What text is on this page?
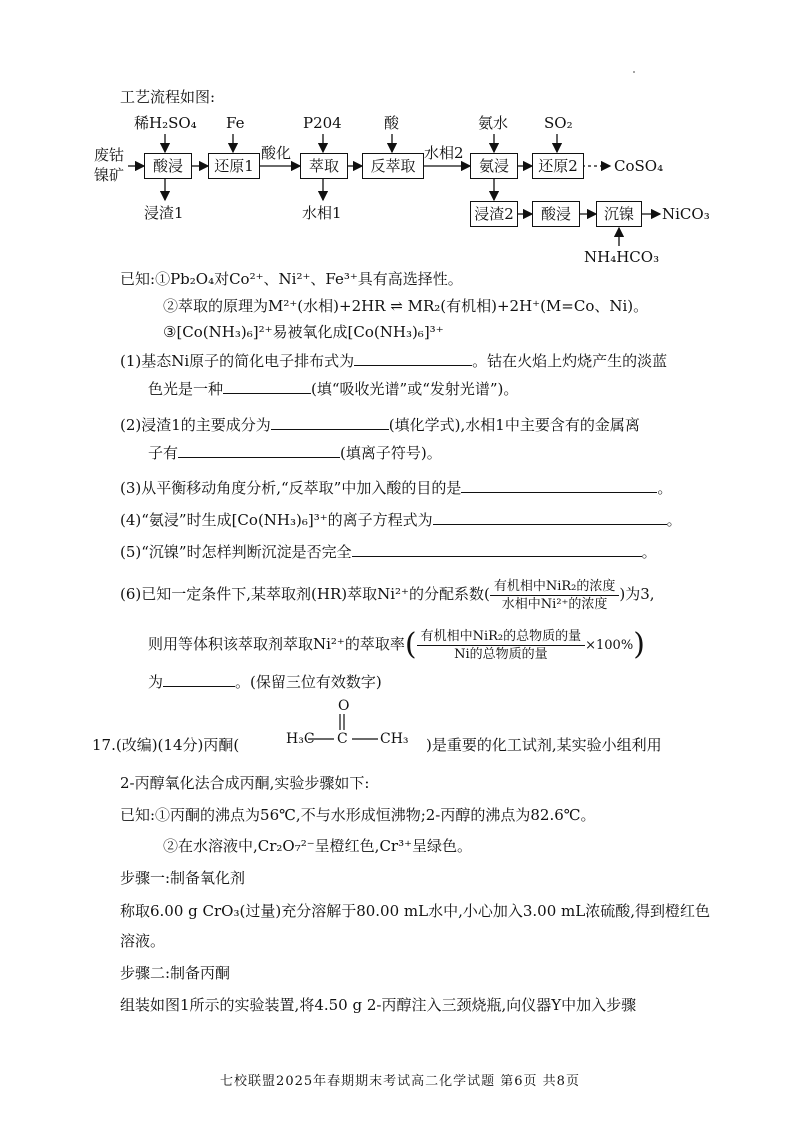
工艺流程如图:
废钴
镍矿
稀H₂SO₄ Fe	P204	酸	氨水 SO₂
酸浸	还原1	萃取	反萃取	氨浸	还原2
酸化	水相2
浸渣1	水相1
CoSO₄
NiCO₃
浸渣2	酸浸	沉镍
NH₄HCO₃
已知:①Pb₂O₄对Co²⁺、Ni²⁺、Fe³⁺具有高选择性。
②萃取的原理为M²⁺(水相)+2HR ⇌ MR₂(有机相)+2H⁺(M=Co、Ni)。
③[Co(NH₃)₆]²⁺易被氧化成[Co(NH₃)₆]³⁺
(1)基态Ni原子的简化电子排布式为	。钴在火焰上灼烧产生的淡蓝
色光是一种	(填“吸收光谱”或“发射光谱”)。
(2)浸渣1的主要成分为	(填化学式),水相1中主要含有的金属离
子有	(填离子符号)。
(3)从平衡移动角度分析,“反萃取”中加入酸的目的是	。
(4)“氨浸”时生成[Co(NH₃)₆]³⁺的离子方程式为	。
(5)“沉镍”时怎样判断沉淀是否完全	。
(6)已知一定条件下,某萃取剂(HR)萃取Ni²⁺的分配系数( $\frac{\text{有机相中NiR₂的浓度}}{\text{水相中Ni²⁺的浓度}}$ )为3,
则用等体积该萃取剂萃取Ni²⁺的萃取率( $\frac{\text{有机相中NiR₂的总物质的量}}{\text{Ni的总物质的量}} \times 100\%$)
为	。(保留三位有效数字)
17.(改编)(14分)丙酮(
O
H₃C C CH₃ )是重要的化工试剂,某实验小组利用
2-丙醇氧化法合成丙酮,实验步骤如下:
已知:①丙酮的沸点为56℃,不与水形成恒沸物;2-丙醇的沸点为82.6℃。
②在水溶液中,Cr₂O₇²⁻呈橙红色,Cr³⁺呈绿色。
步骤一:制备氧化剂
称取6.00 g CrO₃(过量)充分溶解于80.00 mL水中,小心加入3.00 mL浓硫酸,得到橙红色
溶液。
步骤二:制备丙酮
组装如图1所示的实验装置,将4.50 g 2-丙醇注入三颈烧瓶,向仪器Y中加入步骤
七校联盟2025年春期期末考试高二化学试题 第6页 共8页
